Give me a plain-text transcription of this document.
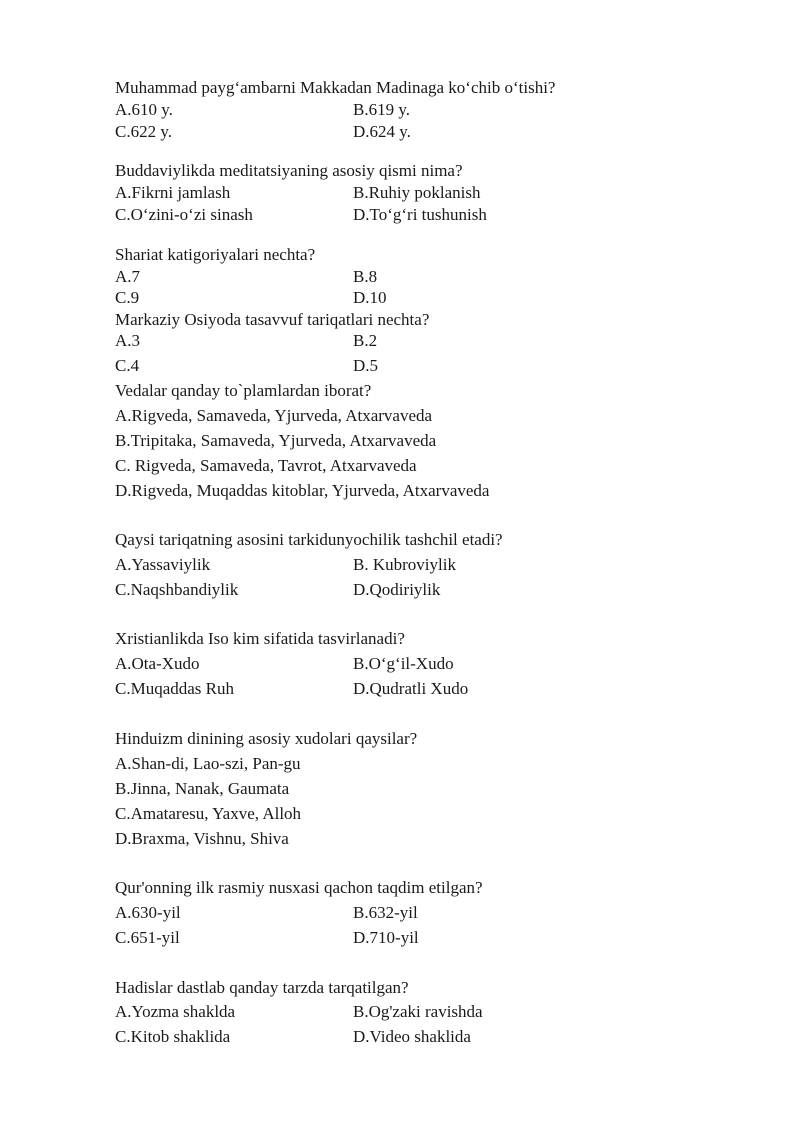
Muhammad payg‘ambarni Makkadan Madinaga ko‘chib o‘tishi?
A.610 y.	B.619 y.
C.622 y.	D.624 y.
Buddaviylikda meditatsiyaning asosiy qismi nima?
A.Fikrni jamlash	B.Ruhiy poklanish
C.O‘zini-o‘zi sinash	D.To‘g‘ri tushunish
Shariat katigoriyalari nechta?
A.7	B.8
C.9	D.10
Markaziy Osiyoda tasavvuf tariqatlari nechta?
A.3	B.2
C.4	D.5
Vedalar qanday to`plamlardan iborat?
A.Rigveda, Samaveda, Yjurveda, Atxarvaveda
B.Tripitaka, Samaveda, Yjurveda, Atxarvaveda
C. Rigveda, Samaveda, Tavrot, Atxarvaveda
D.Rigveda, Muqaddas kitoblar, Yjurveda, Atxarvaveda
Qaysi tariqatning asosini tarkidunyochilik tashchil etadi?
A.Yassaviylik	B. Kubroviylik
C.Naqshbandiylik	D.Qodiriylik
Xristianlikda Iso kim sifatida tasvirlanadi?
A.Ota-Xudo	B.O‘g‘il-Xudo
C.Muqaddas Ruh	D.Qudratli Xudo
Hinduizm dinining asosiy xudolari qaysilar?
A.Shan-di, Lao-szi, Pan-gu
B.Jinna, Nanak, Gaumata
C.Amataresu, Yaxve, Alloh
D.Braxma, Vishnu, Shiva
Qur'onning ilk rasmiy nusxasi qachon taqdim etilgan?
A.630-yil	B.632-yil
C.651-yil	D.710-yil
Hadislar dastlab qanday tarzda tarqatilgan?
A.Yozma shaklda	B.Og'zaki ravishda
C.Kitob shaklida	D.Video shaklida
